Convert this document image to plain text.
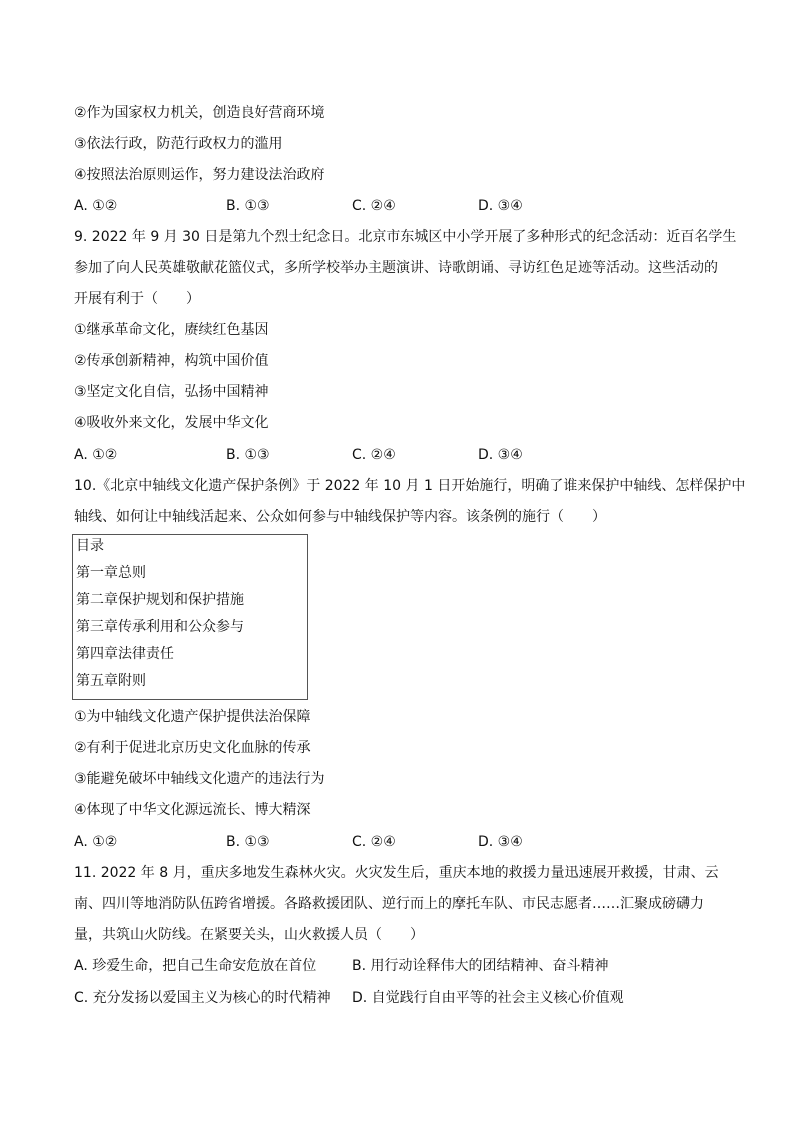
②作为国家权力机关，创造良好营商环境
③依法行政，防范行政权力的滥用
④按照法治原则运作，努力建设法治政府
A. ①②	B. ①③	C. ②④	D. ③④
9. 2022 年 9 月 30 日是第九个烈士纪念日。北京市东城区中小学开展了多种形式的纪念活动：近百名学生
参加了向人民英雄敬献花篮仪式，多所学校举办主题演讲、诗歌朗诵、寻访红色足迹等活动。这些活动的
开展有利于（　　）
①继承革命文化，赓续红色基因
②传承创新精神，构筑中国价值
③坚定文化自信，弘扬中国精神
④吸收外来文化，发展中华文化
A. ①②	B. ①③	C. ②④	D. ③④
10.《北京中轴线文化遗产保护条例》于 2022 年 10 月 1 日开始施行，明确了谁来保护中轴线、怎样保护中
轴线、如何让中轴线活起来、公众如何参与中轴线保护等内容。该条例的施行（　　）
目录
第一章总则
第二章保护规划和保护措施
第三章传承利用和公众参与
第四章法律责任
第五章附则
①为中轴线文化遗产保护提供法治保障
②有利于促进北京历史文化血脉的传承
③能避免破坏中轴线文化遗产的违法行为
④体现了中华文化源远流长、博大精深
A. ①②	B. ①③	C. ②④	D. ③④
11. 2022 年 8 月，重庆多地发生森林火灾。火灾发生后，重庆本地的救援力量迅速展开救援，甘肃、云
南、四川等地消防队伍跨省增援。各路救援团队、逆行而上的摩托车队、市民志愿者……汇聚成磅礴力
量，共筑山火防线。在紧要关头，山火救援人员（　　）
A. 珍爱生命，把自己生命安危放在首位	B. 用行动诠释伟大的团结精神、奋斗精神
C. 充分发扬以爱国主义为核心的时代精神 D. 自觉践行自由平等的社会主义核心价值观
